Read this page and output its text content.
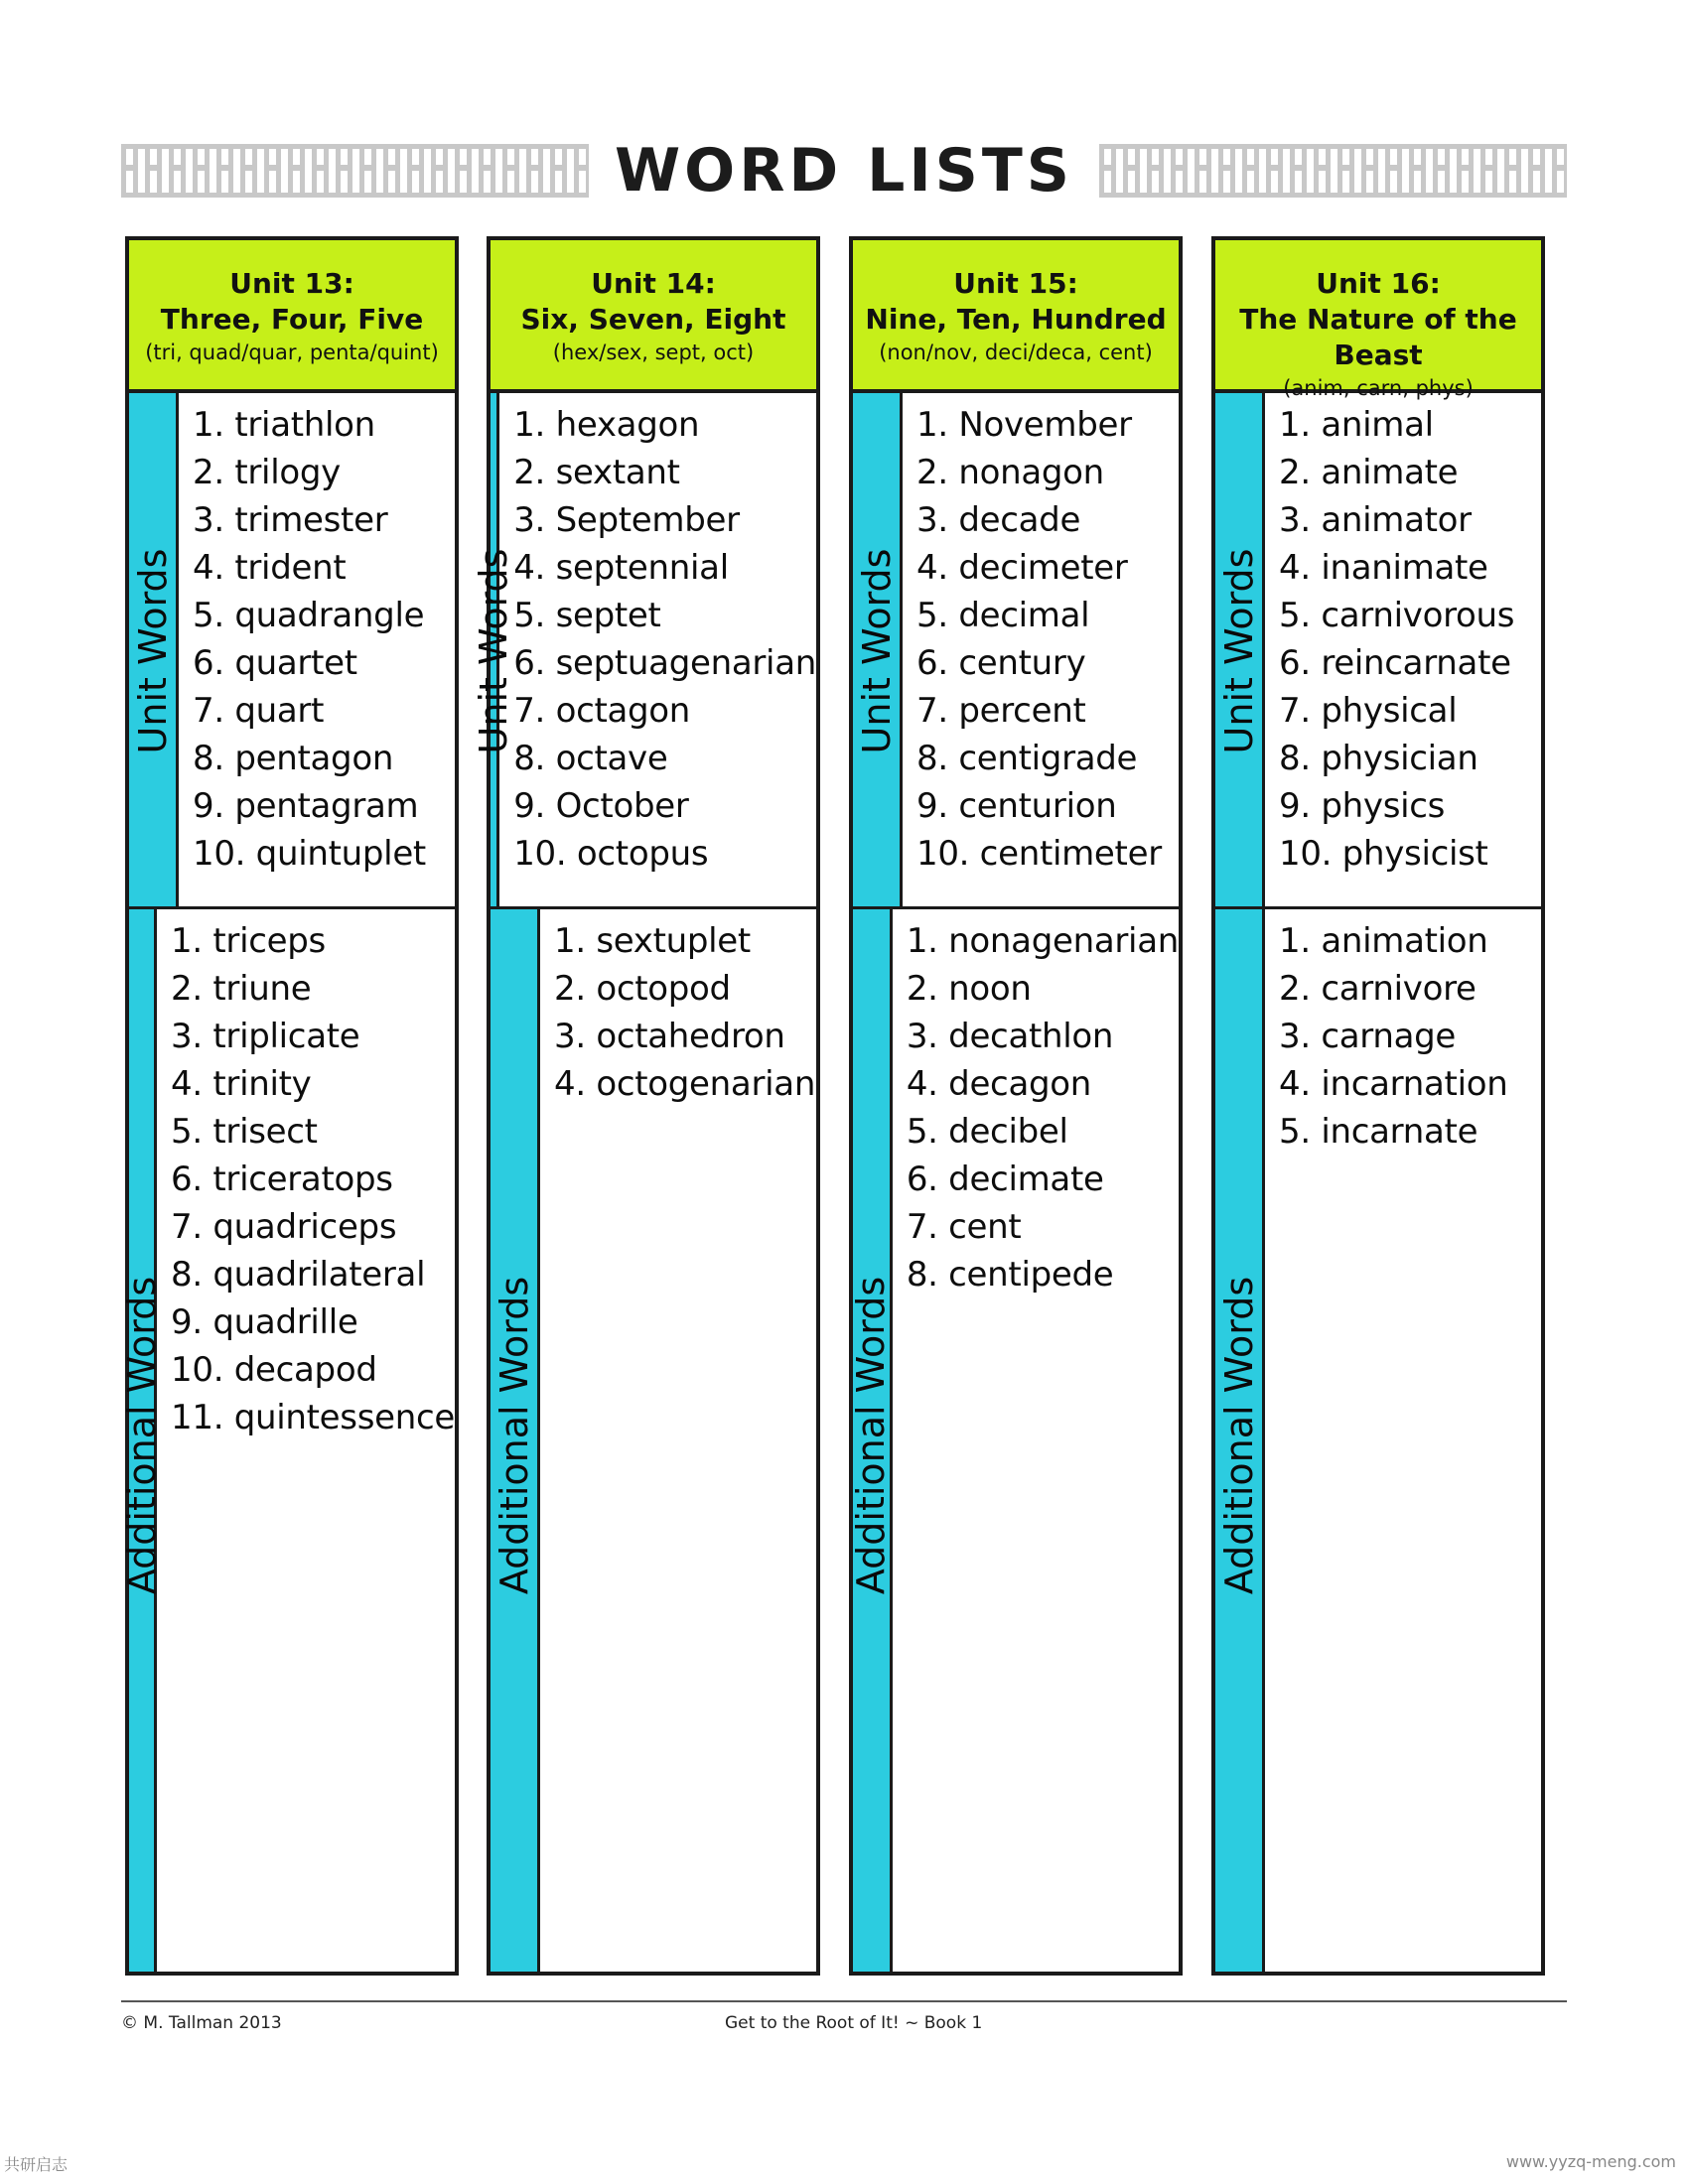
WORD LISTS
Unit 13:
Three, Four, Five
(tri, quad/quar, penta/quint)
Unit Words
1. triathlon
2. trilogy
3. trimester
4. trident
5. quadrangle
6. quartet
7. quart
8. pentagon
9. pentagram
10. quintuplet
Additional Words
1. triceps
2. triune
3. triplicate
4. trinity
5. trisect
6. triceratops
7. quadriceps
8. quadrilateral
9. quadrille
10. decapod
11. quintessence
Unit 14:
Six, Seven, Eight
(hex/sex, sept, oct)
Unit Words
1. hexagon
2. sextant
3. September
4. septennial
5. septet
6. septuagenarian
7. octagon
8. octave
9. October
10. octopus
Additional Words
1. sextuplet
2. octopod
3. octahedron
4. octogenarian
Unit 15:
Nine, Ten, Hundred
(non/nov, deci/deca, cent)
Unit Words
1. November
2. nonagon
3. decade
4. decimeter
5. decimal
6. century
7. percent
8. centigrade
9. centurion
10. centimeter
Additional Words
1. nonagenarian
2. noon
3. decathlon
4. decagon
5. decibel
6. decimate
7. cent
8. centipede
Unit 16:
The Nature of the Beast
(anim, carn, phys)
Unit Words
1. animal
2. animate
3. animator
4. inanimate
5. carnivorous
6. reincarnate
7. physical
8. physician
9. physics
10. physicist
Additional Words
1. animation
2. carnivore
3. carnage
4. incarnation
5. incarnate
© M. Tallman 2013	Get to the Root of It! ~ Book 1
共研启志	www.yyzq-meng.com
